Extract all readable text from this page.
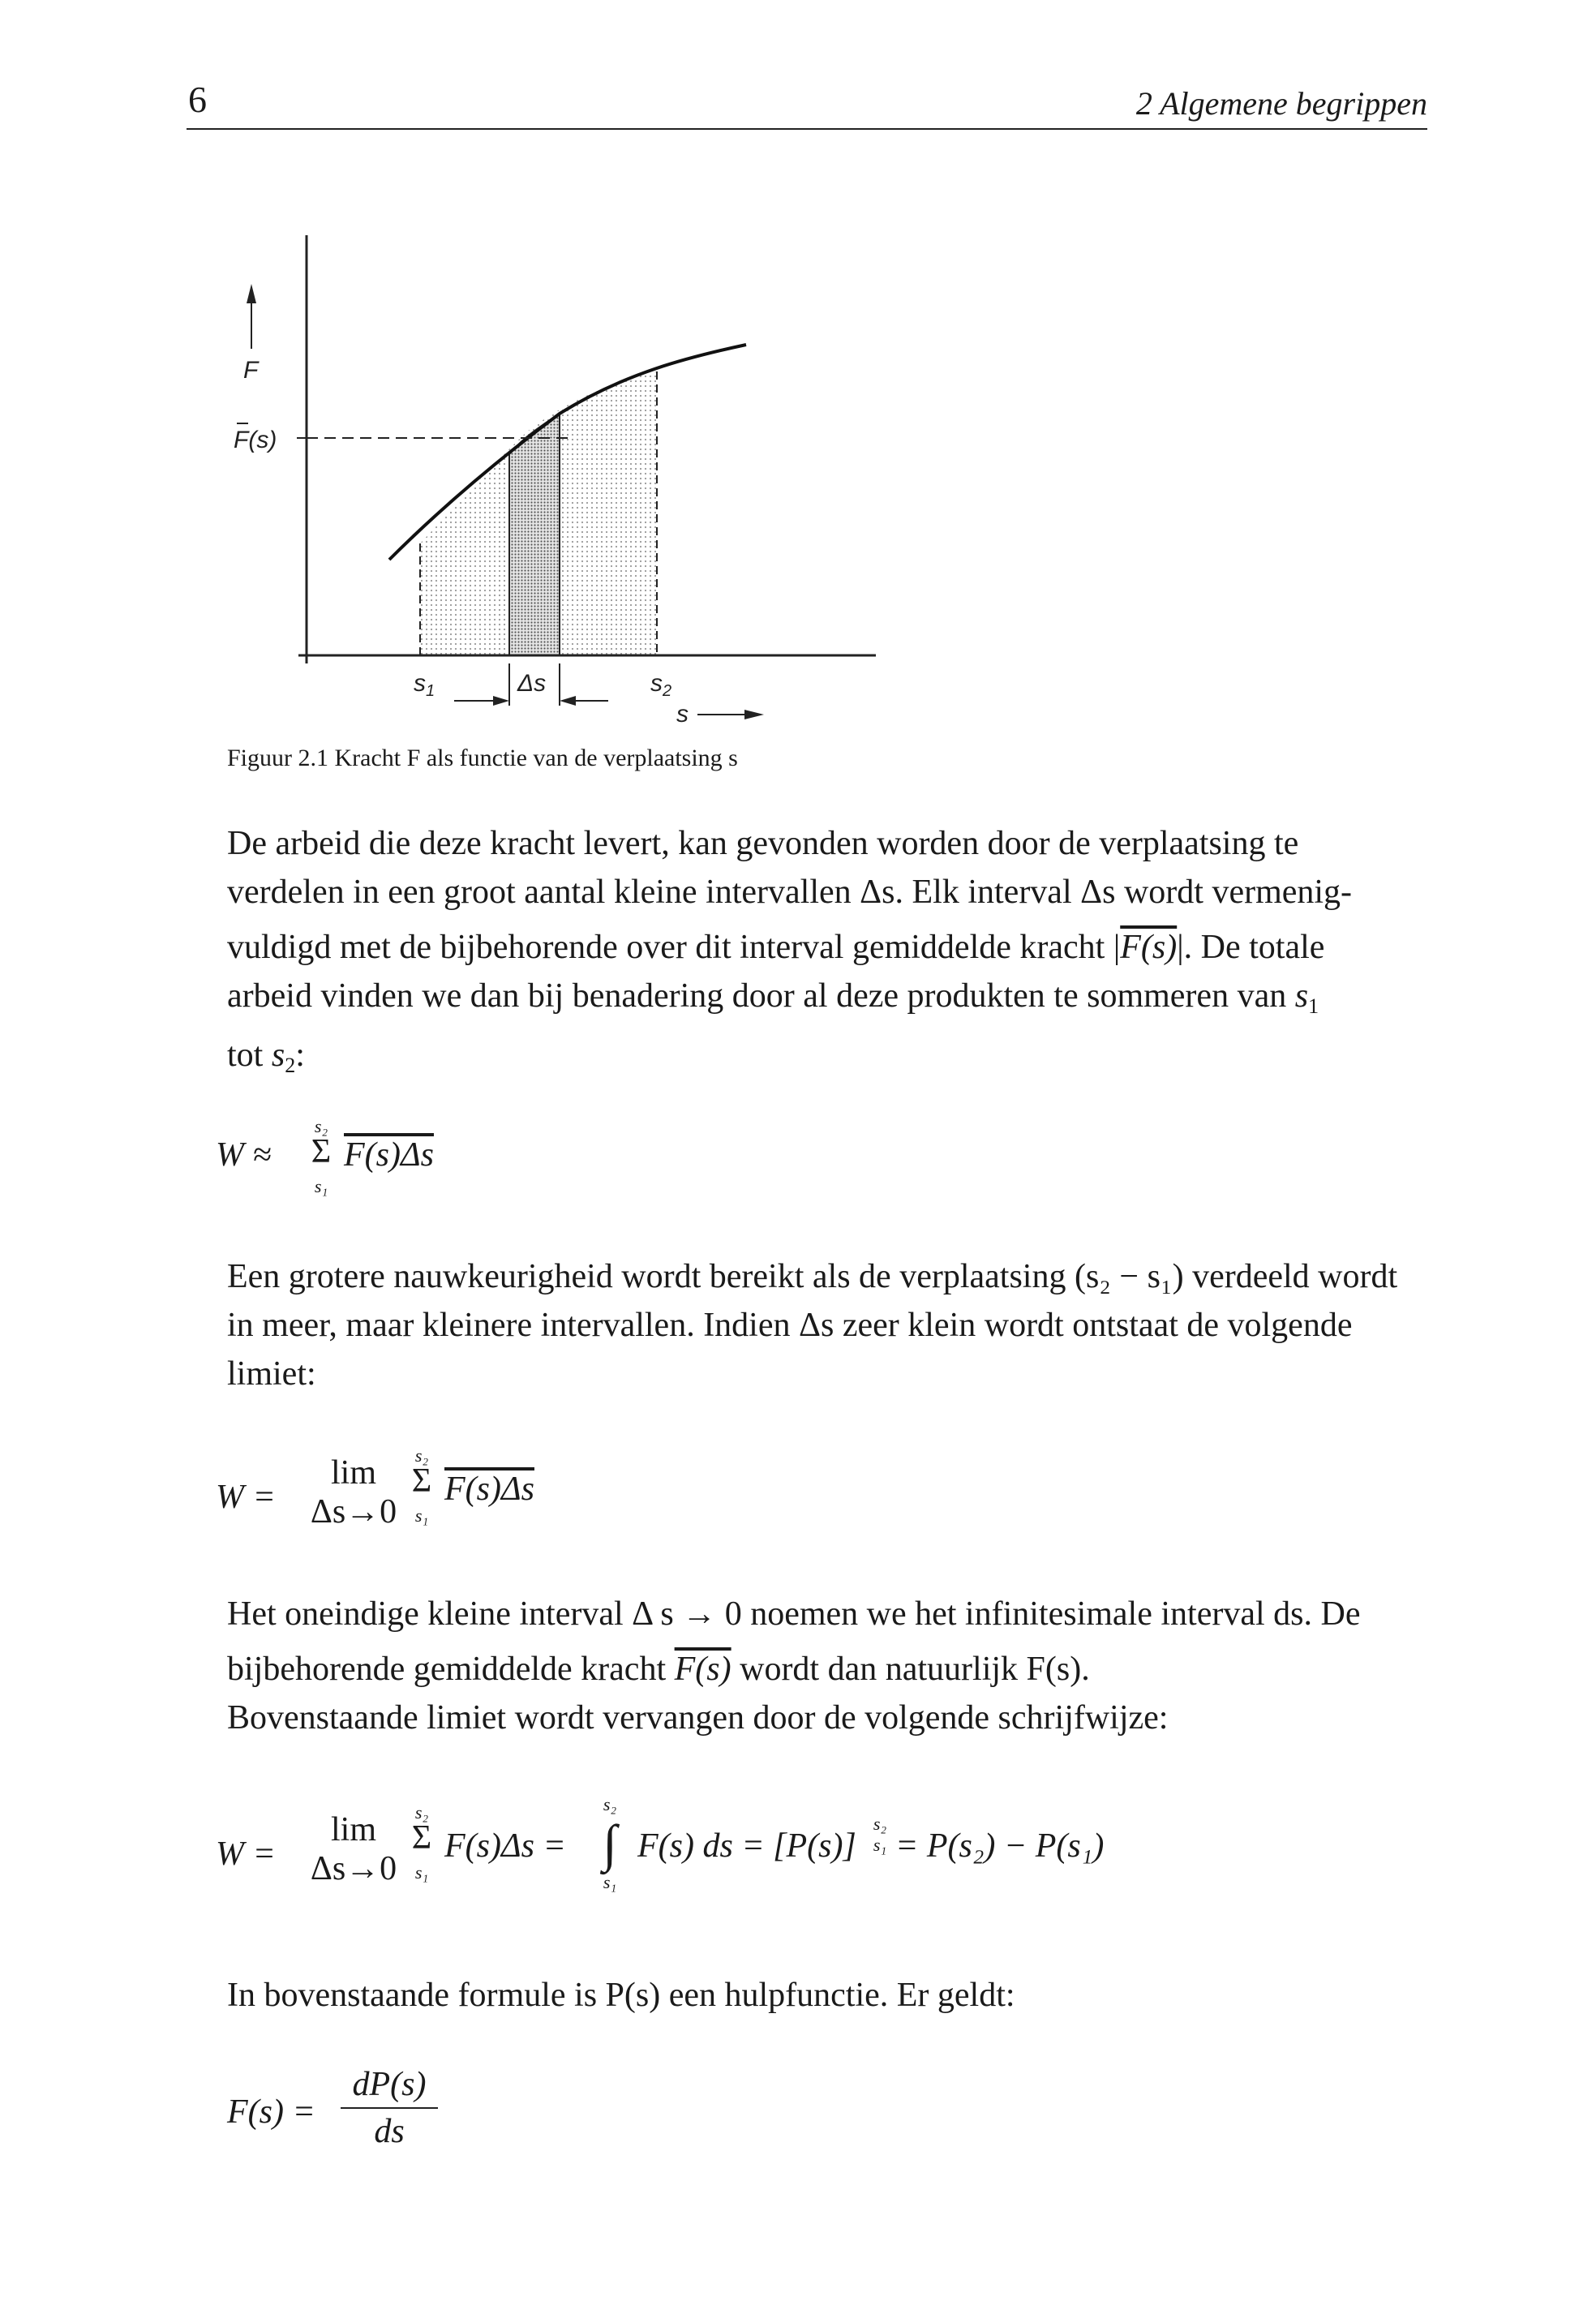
6	2 Algemene begrippen
F
F(s)
$s_1$	$s_2$
Δs
s
Figuur 2.1 Kracht F als functie van de verplaatsing s
De arbeid die deze kracht levert, kan gevonden worden door de verplaatsing te
verdelen in een groot aantal kleine intervallen Δs. Elk interval Δs wordt vermenig-
vuldigd met de bijbehorende over dit interval gemiddelde kracht |F(s)|. De totale
arbeid vinden we dan bij benadering door al deze produkten te sommeren van $s_1$
tot $s_2$:
W ≈
s₂
Σ
s₁
F(s)Δs
Een grotere nauwkeurigheid wordt bereikt als de verplaatsing (s₂ − s₁) verdeeld wordt
in meer, maar kleinere intervallen. Indien Δs zeer klein wordt ontstaat de volgende
limiet:
W =
lim
Δs→0
s₂
Σ
s₁
F(s)Δs
Het oneindige kleine interval Δ s → 0 noemen we het infinitesimale interval ds. De
bijbehorende gemiddelde kracht F(s) wordt dan natuurlijk F(s).
Bovenstaande limiet wordt vervangen door de volgende schrijfwijze:
W =
lim
Δs→0
s₂
Σ
s₁
F(s)Δs =
s₂
∫
s₁
F(s) ds = [P(s)]
s₂
s₁ = P(s₂) − P(s₁)
In bovenstaande formule is P(s) een hulpfunctie. Er geldt:
F(s) =
dP(s)
ds
